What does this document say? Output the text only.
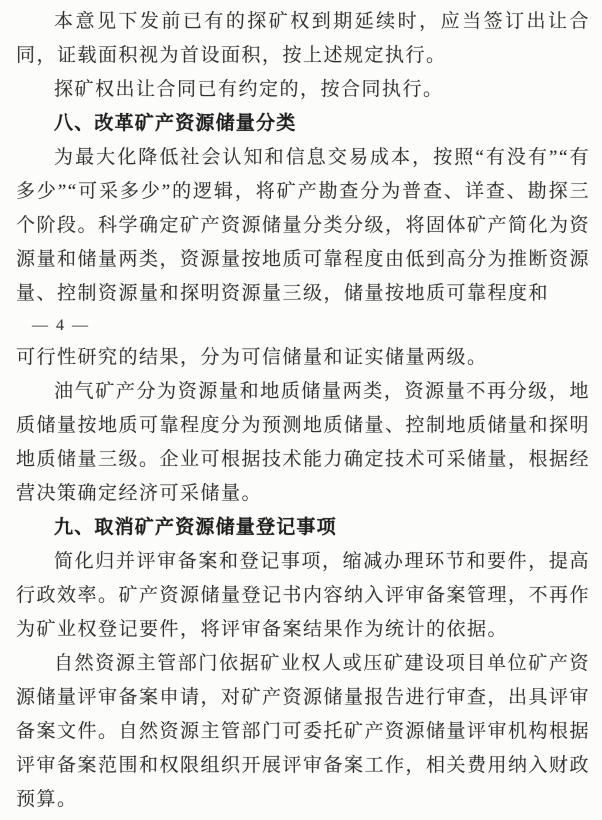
本意见下发前已有的探矿权到期延续时，应当签订出让合同，证载面积视为首设面积，按上述规定执行。

探矿权出让合同已有约定的，按合同执行。

八、改革矿产资源储量分类

为最大化降低社会认知和信息交易成本，按照“有没有”“有多少”“可采多少”的逻辑，将矿产勘查分为普查、详查、勘探三个阶段。科学确定矿产资源储量分类分级，将固体矿产简化为资源量和储量两类，资源量按地质可靠程度由低到高分为推断资源量、控制资源量和探明资源量三级，储量按地质可靠程度和

— 4 —

可行性研究的结果，分为可信储量和证实储量两级。

油气矿产分为资源量和地质储量两类，资源量不再分级，地质储量按地质可靠程度分为预测地质储量、控制地质储量和探明地质储量三级。企业可根据技术能力确定技术可采储量，根据经营决策确定经济可采储量。

九、取消矿产资源储量登记事项

简化归并评审备案和登记事项，缩减办理环节和要件，提高行政效率。矿产资源储量登记书内容纳入评审备案管理，不再作为矿业权登记要件，将评审备案结果作为统计的依据。

自然资源主管部门依据矿业权人或压矿建设项目单位矿产资源储量评审备案申请，对矿产资源储量报告进行审查，出具评审备案文件。自然资源主管部门可委托矿产资源储量评审机构根据评审备案范围和权限组织开展评审备案工作，相关费用纳入财政预算。
